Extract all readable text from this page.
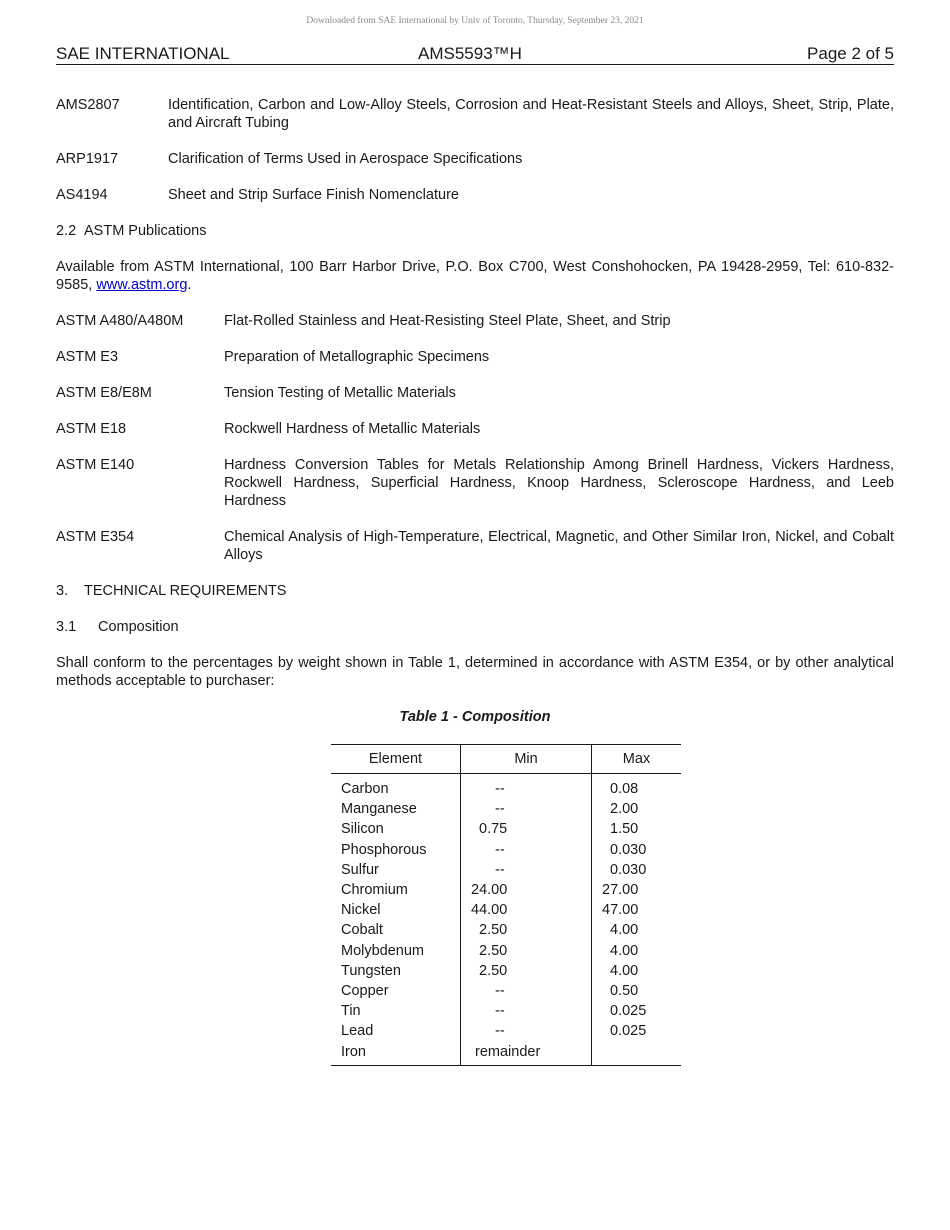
Downloaded from SAE International by Univ of Toronto, Thursday, September 23, 2021
SAE INTERNATIONAL	AMS5593™H	Page 2 of 5
AMS2807	Identification, Carbon and Low-Alloy Steels, Corrosion and Heat-Resistant Steels and Alloys, Sheet, Strip, Plate, and Aircraft Tubing
ARP1917	Clarification of Terms Used in Aerospace Specifications
AS4194	Sheet and Strip Surface Finish Nomenclature
2.2 ASTM Publications
Available from ASTM International, 100 Barr Harbor Drive, P.O. Box C700, West Conshohocken, PA 19428-2959, Tel: 610-832-9585, www.astm.org.
ASTM A480/A480M	Flat-Rolled Stainless and Heat-Resisting Steel Plate, Sheet, and Strip
ASTM E3	Preparation of Metallographic Specimens
ASTM E8/E8M	Tension Testing of Metallic Materials
ASTM E18	Rockwell Hardness of Metallic Materials
ASTM E140	Hardness Conversion Tables for Metals Relationship Among Brinell Hardness, Vickers Hardness, Rockwell Hardness, Superficial Hardness, Knoop Hardness, Scleroscope Hardness, and Leeb Hardness
ASTM E354	Chemical Analysis of High-Temperature, Electrical, Magnetic, and Other Similar Iron, Nickel, and Cobalt Alloys
3. TECHNICAL REQUIREMENTS
3.1 Composition
Shall conform to the percentages by weight shown in Table 1, determined in accordance with ASTM E354, or by other analytical methods acceptable to purchaser:
Table 1 - Composition
Element	Min	Max
Carbon	--	0.08
Manganese	--	2.00
Silicon	0.75	1.50
Phosphorous	--	0.030
Sulfur	--	0.030
Chromium	24.00	27.00
Nickel	44.00	47.00
Cobalt	2.50	4.00
Molybdenum	2.50	4.00
Tungsten	2.50	4.00
Copper	--	0.50
Tin	--	0.025
Lead	--	0.025
Iron	remainder	
